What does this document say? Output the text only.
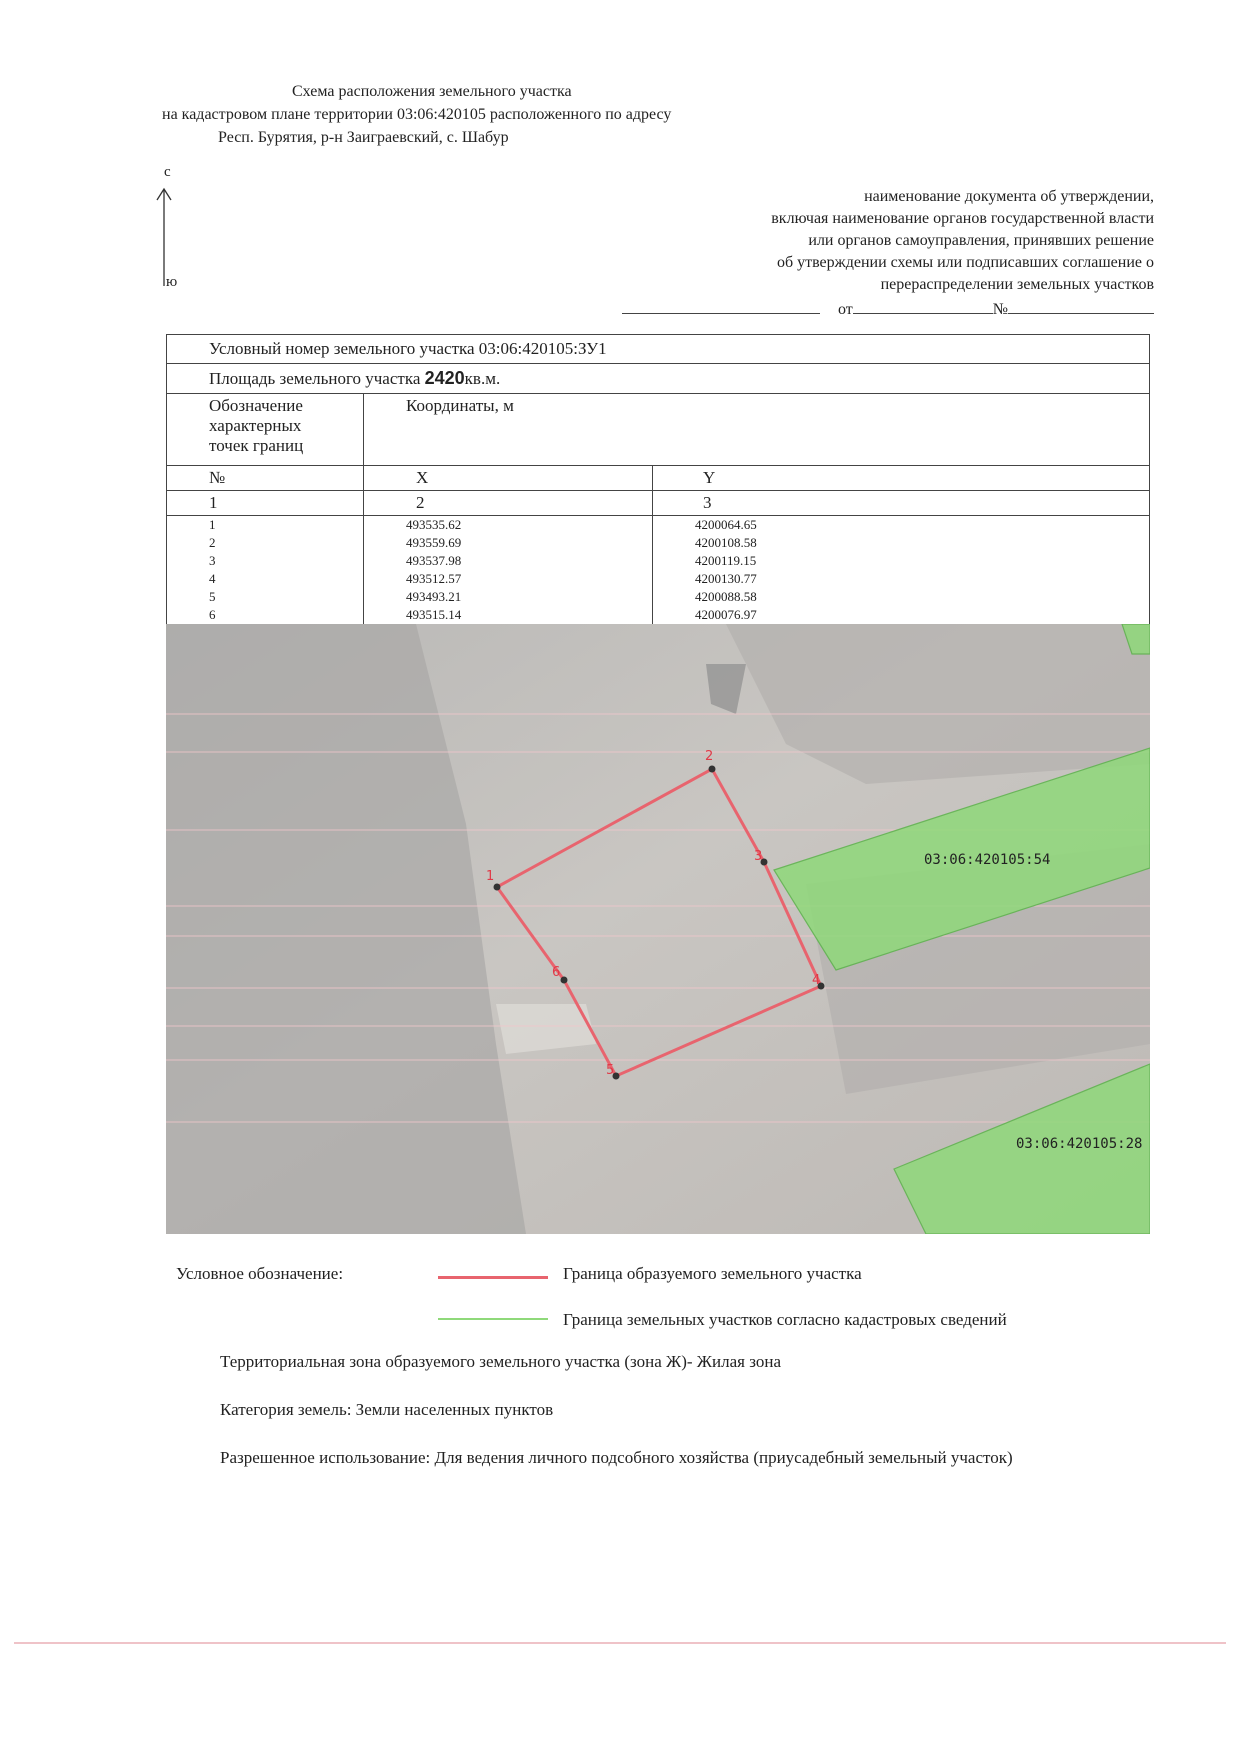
Схема расположения земельного участка
на кадастровом плане территории 03:06:420105 расположенного по адресу
Респ. Бурятия, р-н Заиграевский, с. Шабур
с
ю
наименование документа об утверждении,
включая наименование органов государственной власти
или органов самоуправления, принявших решение
об утверждении схемы или подписавших соглашение о
перераспределении земельных участков
от	№
Условный номер земельного участка 03:06:420105:ЗУ1		
Площадь земельного участка 2420кв.м.		
Обозначение характерных точек границ	Координаты, м	
№	X	Y
1	2	3
1	493535.62	4200064.65
2	493559.69	4200108.58
3	493537.98	4200119.15
4	493512.57	4200130.77
5	493493.21	4200088.58
6	493515.14	4200076.97
1
2
3
4
5
6
03:06:420105:54
03:06:420105:28
Условное обозначение:	Граница образуемого земельного участка
Граница земельных участков согласно кадастровых сведений

Территориальная зона образуемого земельного участка (зона Ж)- Жилая зона

Категория земель: Земли населенных пунктов

Разрешенное использование: Для ведения личного подсобного хозяйства (приусадебный земельный участок)
